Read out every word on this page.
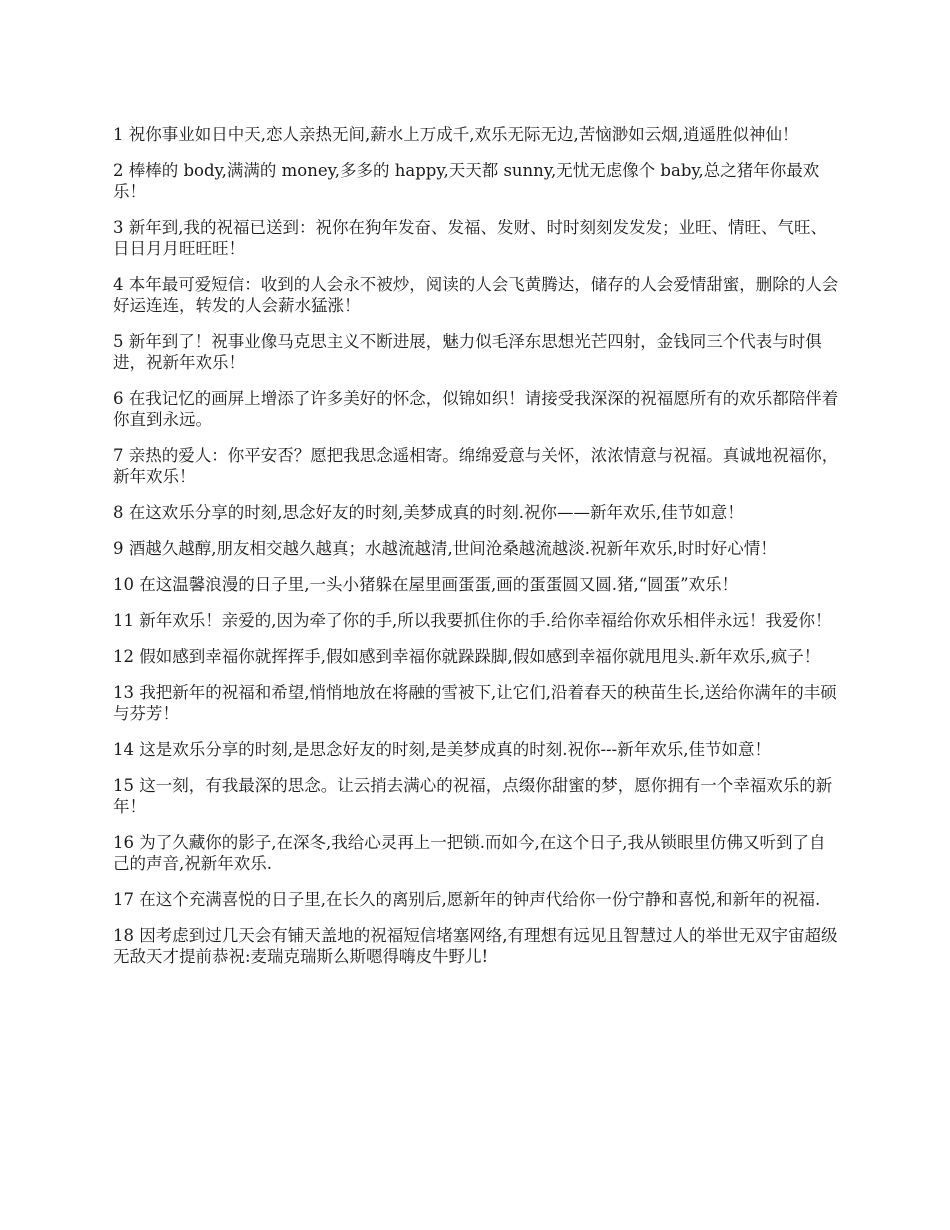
1 祝你事业如日中天,恋人亲热无间,薪水上万成千,欢乐无际无边,苦恼渺如云烟,逍遥胜似神仙！

2 棒棒的 body,满满的 money,多多的 happy,天天都 sunny,无忧无虑像个 baby,总之猪年你最欢乐！

3 新年到,我的祝福已送到：祝你在狗年发奋、发福、发财、时时刻刻发发发；业旺、情旺、气旺、日日月月旺旺旺！

4 本年最可爱短信：收到的人会永不被炒，阅读的人会飞黄腾达，储存的人会爱情甜蜜，删除的人会好运连连，转发的人会薪水猛涨！

5 新年到了！祝事业像马克思主义不断进展，魅力似毛泽东思想光芒四射，金钱同三个代表与时俱进，祝新年欢乐！

6 在我记忆的画屏上增添了许多美好的怀念，似锦如织！请接受我深深的祝福愿所有的欢乐都陪伴着你直到永远。

7 亲热的爱人：你平安否？愿把我思念遥相寄。绵绵爱意与关怀，浓浓情意与祝福。真诚地祝福你，新年欢乐！

8 在这欢乐分享的时刻,思念好友的时刻,美梦成真的时刻.祝你——新年欢乐,佳节如意！

9 酒越久越醇,朋友相交越久越真；水越流越清,世间沧桑越流越淡.祝新年欢乐,时时好心情！

10 在这温馨浪漫的日子里,一头小猪躲在屋里画蛋蛋,画的蛋蛋圆又圆.猪,“圆蛋”欢乐！

11 新年欢乐！亲爱的,因为牵了你的手,所以我要抓住你的手.给你幸福给你欢乐相伴永远！我爱你！

12 假如感到幸福你就挥挥手,假如感到幸福你就跺跺脚,假如感到幸福你就甩甩头.新年欢乐,疯子！

13 我把新年的祝福和希望,悄悄地放在将融的雪被下,让它们,沿着春天的秧苗生长,送给你满年的丰硕与芬芳！

14 这是欢乐分享的时刻,是思念好友的时刻,是美梦成真的时刻.祝你---新年欢乐,佳节如意！

15 这一刻，有我最深的思念。让云捎去满心的祝福，点缀你甜蜜的梦，愿你拥有一个幸福欢乐的新年！

16 为了久藏你的影子,在深冬,我给心灵再上一把锁.而如今,在这个日子,我从锁眼里仿佛又听到了自己的声音,祝新年欢乐.

17 在这个充满喜悦的日子里,在长久的离别后,愿新年的钟声代给你一份宁静和喜悦,和新年的祝福.

18 因考虑到过几天会有铺天盖地的祝福短信堵塞网络,有理想有远见且智慧过人的举世无双宇宙超级无敌天才提前恭祝:麦瑞克瑞斯么斯嗯得嗨皮牛野儿!
